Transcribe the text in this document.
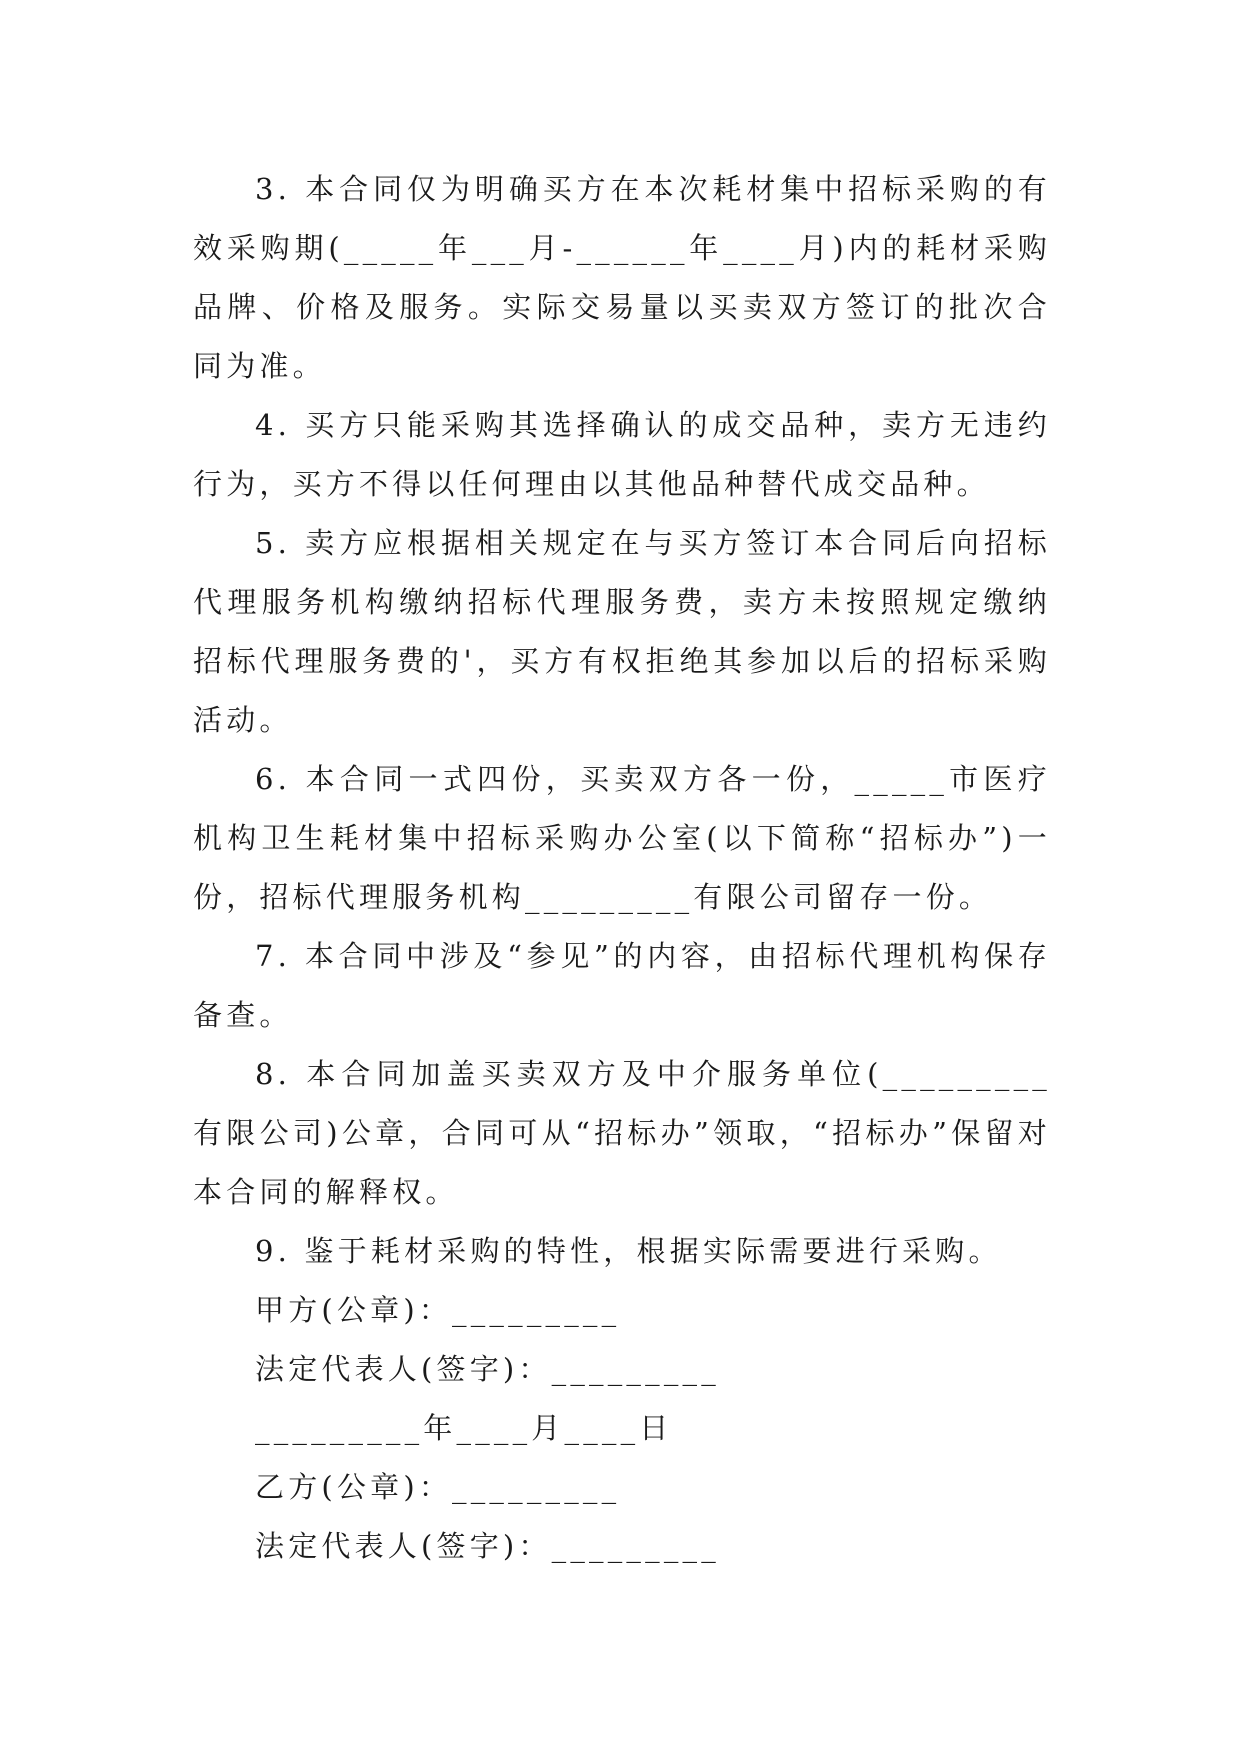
3. 本合同仅为明确买方在本次耗材集中招标采购的有效采购期(_____年___月-______年____月)内的耗材采购品牌、价格及服务。实际交易量以买卖双方签订的批次合同为准。

4. 买方只能采购其选择确认的成交品种，卖方无违约行为，买方不得以任何理由以其他品种替代成交品种。

5. 卖方应根据相关规定在与买方签订本合同后向招标代理服务机构缴纳招标代理服务费，卖方未按照规定缴纳招标代理服务费的'，买方有权拒绝其参加以后的招标采购活动。

6. 本合同一式四份，买卖双方各一份，_____市医疗机构卫生耗材集中招标采购办公室(以下简称“招标办”)一份，招标代理服务机构_________有限公司留存一份。

7. 本合同中涉及“参见”的内容，由招标代理机构保存备查。

8. 本合同加盖买卖双方及中介服务单位(_________有限公司)公章，合同可从“招标办”领取，“招标办”保留对本合同的解释权。

9. 鉴于耗材采购的特性，根据实际需要进行采购。

甲方(公章)：_________

法定代表人(签字)：_________

_________年____月____日

乙方(公章)：_________

法定代表人(签字)：_________
